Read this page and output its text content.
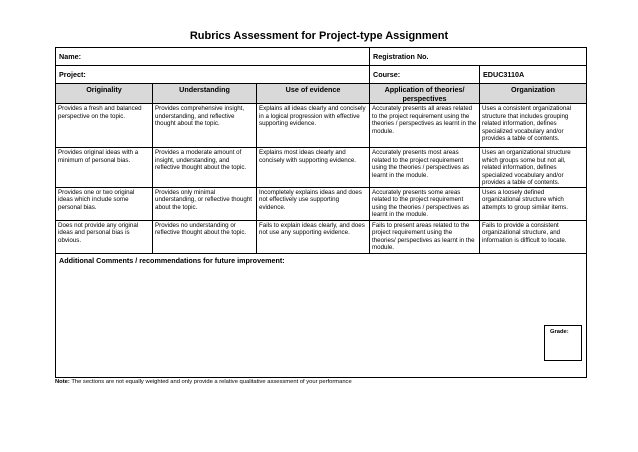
Rubrics Assessment for Project-type Assignment
Name:			Registration No.	
Project:			Course:	EDUC3110A
Originality	Understanding	Use of evidence	Application of theories/ perspectives	Organization
Provides a fresh and balanced perspective on the topic.	Provides comprehensive insight, understanding, and reflective thought about the topic.	Explains all ideas clearly and concisely in a logical progression with effective supporting evidence.	Accurately presents all areas related to the project requirement using the theories / perspectives as learnt in the module.	Uses a consistent organizational structure that includes grouping related information, defines specialized vocabulary and/or provides a table of contents.
Provides original ideas with a minimum of personal bias.	Provides a moderate amount of insight, understanding, and reflective thought about the topic.	Explains most ideas clearly and concisely with supporting evidence.	Accurately presents most areas related to the project requirement using the theories / perspectives as learnt in the module.	Uses an organizational structure which groups some but not all, related information, defines specialized vocabulary and/or provides a table of contents.
Provides one or two original ideas which include some personal bias.	Provides only minimal understanding, or reflective thought about the topic.	Incompletely explains ideas and does not effectively use supporting evidence.	Accurately presents some areas related to the project requirement using the theories / perspectives as learnt in the module.	Uses a loosely defined organizational structure which attempts to group similar items.
Does not provide any original ideas and personal bias is obvious.	Provides no understanding or reflective thought about the topic.	Fails to explain ideas clearly, and does not use any supporting evidence.	Fails to present areas related to the project requirement using the theories/ perspectives as learnt in the module.	Fails to provide a consistent organizational structure, and information is difficult to locate.
Additional Comments / recommendations for future improvement:
Grade:				
Note: The sections are not equally weighted and only provide a relative qualitative assessment of your performance
